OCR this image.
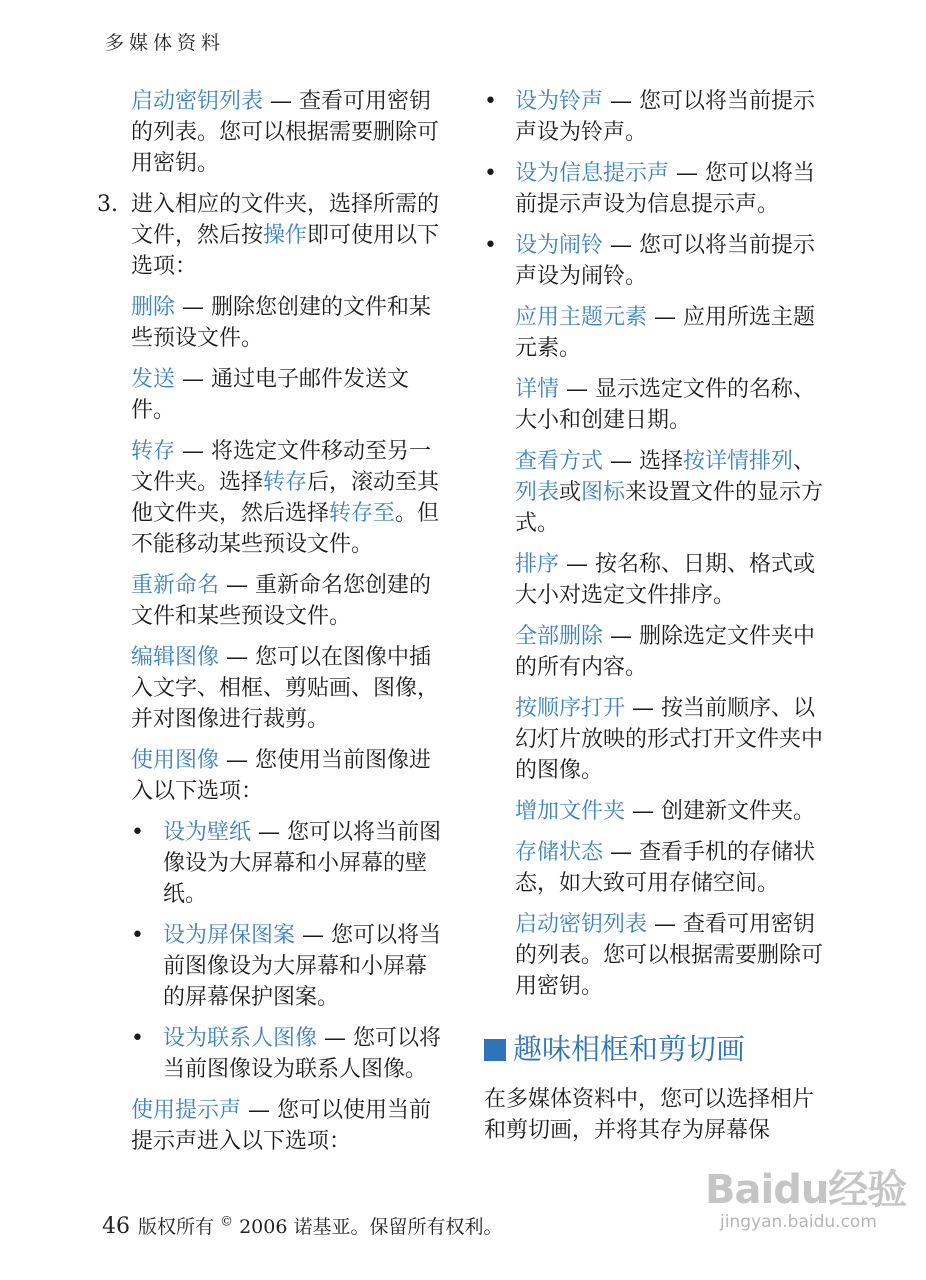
多媒体资料

启动密钥列表 — 查看可用密钥的列表。您可以根据需要删除可用密钥。

3. 进入相应的文件夹，选择所需的文件，然后按操作即可使用以下选项：

删除 — 删除您创建的文件和某些预设文件。

发送 — 通过电子邮件发送文件。

转存 — 将选定文件移动至另一文件夹。选择转存后，滚动至其他文件夹，然后选择转存至。但不能移动某些预设文件。

重新命名 — 重新命名您创建的文件和某些预设文件。

编辑图像 — 您可以在图像中插入文字、相框、剪贴画、图像，并对图像进行裁剪。

使用图像 — 您使用当前图像进入以下选项：

• 设为壁纸 — 您可以将当前图像设为大屏幕和小屏幕的壁纸。
• 设为屏保图案 — 您可以将当前图像设为大屏幕和小屏幕的屏幕保护图案。
• 设为联系人图像 — 您可以将当前图像设为联系人图像。

使用提示声 — 您可以使用当前提示声进入以下选项：

• 设为铃声 — 您可以将当前提示声设为铃声。
• 设为信息提示声 — 您可以将当前提示声设为信息提示声。
• 设为闹铃 — 您可以将当前提示声设为闹铃。

应用主题元素 — 应用所选主题元素。

详情 — 显示选定文件的名称、大小和创建日期。

查看方式 — 选择按详情排列、列表或图标来设置文件的显示方式。

排序 — 按名称、日期、格式或大小对选定文件排序。

全部删除 — 删除选定文件夹中的所有内容。

按顺序打开 — 按当前顺序、以幻灯片放映的形式打开文件夹中的图像。

增加文件夹 — 创建新文件夹。

存储状态 — 查看手机的存储状态，如大致可用存储空间。

启动密钥列表 — 查看可用密钥的列表。您可以根据需要删除可用密钥。

趣味相框和剪切画

在多媒体资料中，您可以选择相片和剪切画，并将其存为屏幕保

46 版权所有 © 2006 诺基亚。保留所有权利。
Baidu经验
jingyan.baidu.com
